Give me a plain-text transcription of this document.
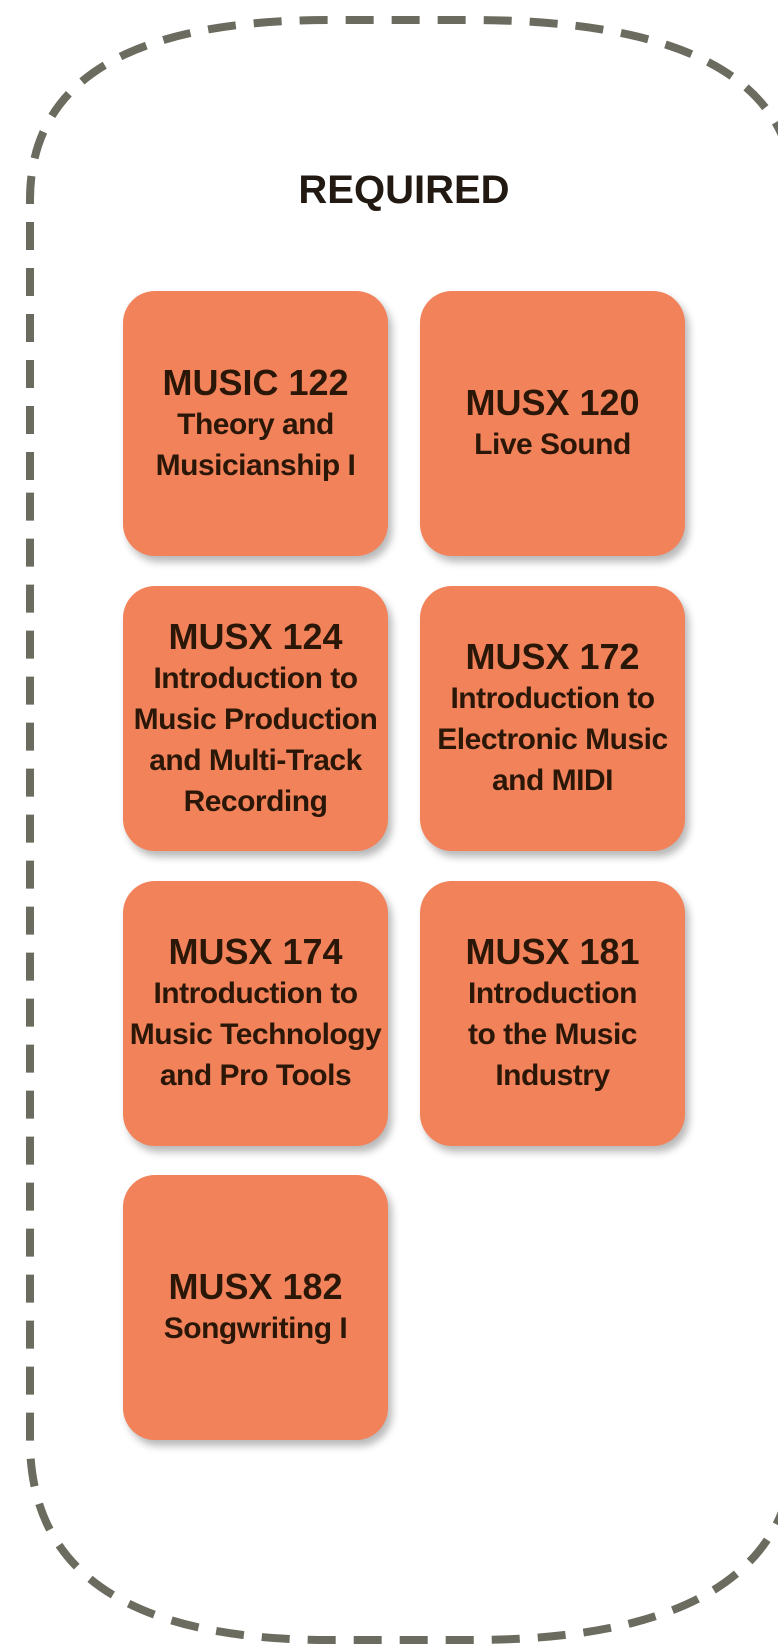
REQUIRED
MUSIC 122
Theory and
Musicianship I
MUSX 120
Live Sound
MUSX 124
Introduction to
Music Production
and Multi-Track
Recording
MUSX 172
Introduction to
Electronic Music
and MIDI
MUSX 174
Introduction to
Music Technology
and Pro Tools
MUSX 181
Introduction
to the Music
Industry
MUSX 182
Songwriting I
